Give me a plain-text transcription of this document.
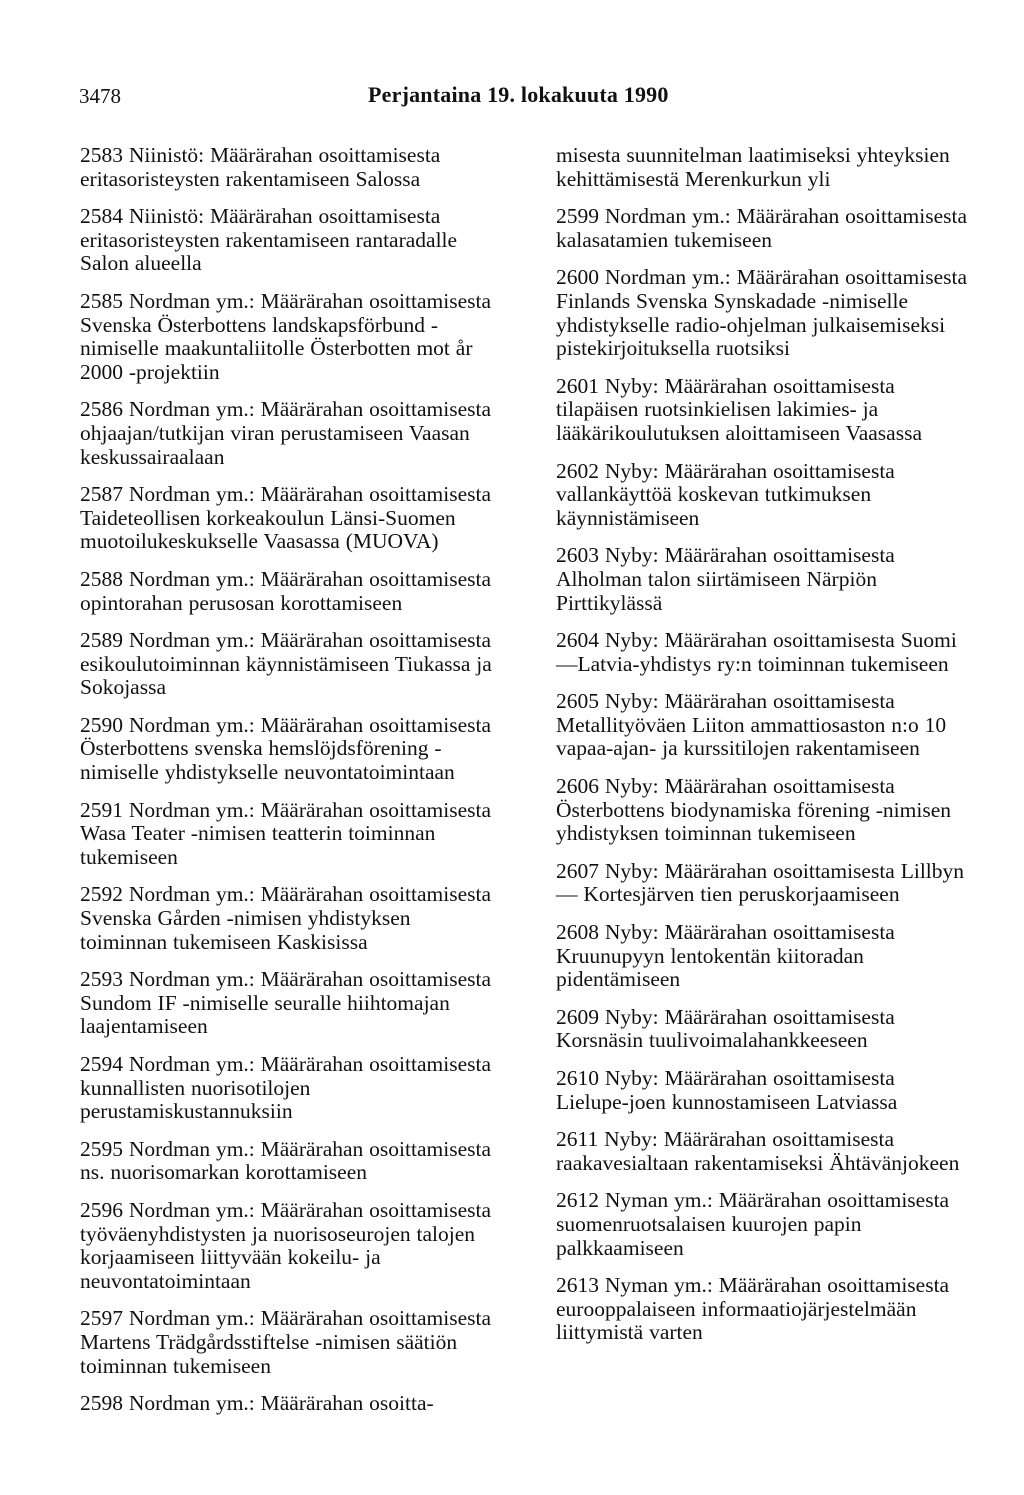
3478	Perjantaina 19. lokakuuta 1990

2583 Niinistö: Määrärahan osoittamisesta eritasoristeysten rakentamiseen Salossa

2584 Niinistö: Määrärahan osoittamisesta eritasoristeysten rakentamiseen rantaradalle Salon alueella

2585 Nordman ym.: Määrärahan osoittamisesta Svenska Österbottens landskapsförbund -nimiselle maakuntaliitolle Österbotten mot år 2000 -projektiin

2586 Nordman ym.: Määrärahan osoittamisesta ohjaajan/tutkijan viran perustamiseen Vaasan keskussairaalaan

2587 Nordman ym.: Määrärahan osoittamisesta Taideteollisen korkeakoulun Länsi-Suomen muotoilukeskukselle Vaasassa (MUOVA)

2588 Nordman ym.: Määrärahan osoittamisesta opintorahan perusosan korottamiseen

2589 Nordman ym.: Määrärahan osoittamisesta esikoulutoiminnan käynnistämiseen Tiukassa ja Sokojassa

2590 Nordman ym.: Määrärahan osoittamisesta Österbottens svenska hemslöjdsförening -nimiselle yhdistykselle neuvontatoimintaan

2591 Nordman ym.: Määrärahan osoittamisesta Wasa Teater -nimisen teatterin toiminnan tukemiseen

2592 Nordman ym.: Määrärahan osoittamisesta Svenska Gården -nimisen yhdistyksen toiminnan tukemiseen Kaskisissa

2593 Nordman ym.: Määrärahan osoittamisesta Sundom IF -nimiselle seuralle hiihtomajan laajentamiseen

2594 Nordman ym.: Määrärahan osoittamisesta kunnallisten nuorisotilojen perustamiskustannuksiin

2595 Nordman ym.: Määrärahan osoittamisesta ns. nuorisomarkan korottamiseen

2596 Nordman ym.: Määrärahan osoittamisesta työväenyhdistysten ja nuorisoseurojen talojen korjaamiseen liittyvään kokeilu- ja neuvontatoimintaan

2597 Nordman ym.: Määrärahan osoittamisesta Martens Trädgårdsstiftelse -nimisen säätiön toiminnan tukemiseen

2598 Nordman ym.: Määrärahan osoitta-

misesta suunnitelman laatimiseksi yhteyksien kehittämisestä Merenkurkun yli

2599 Nordman ym.: Määrärahan osoittamisesta kalasatamien tukemiseen

2600 Nordman ym.: Määrärahan osoittamisesta Finlands Svenska Synskadade -nimiselle yhdistykselle radio-ohjelman julkaisemiseksi pistekirjoituksella ruotsiksi

2601 Nyby: Määrärahan osoittamisesta tilapäisen ruotsinkielisen lakimies- ja lääkärikoulutuksen aloittamiseen Vaasassa

2602 Nyby: Määrärahan osoittamisesta vallankäyttöä koskevan tutkimuksen käynnistämiseen

2603 Nyby: Määrärahan osoittamisesta Alholman talon siirtämiseen Närpiön Pirttikylässä

2604 Nyby: Määrärahan osoittamisesta Suomi—Latvia-yhdistys ry:n toiminnan tukemiseen

2605 Nyby: Määrärahan osoittamisesta Metallityöväen Liiton ammattiosaston n:o 10 vapaa-ajan- ja kurssitilojen rakentamiseen

2606 Nyby: Määrärahan osoittamisesta Österbottens biodynamiska förening -nimisen yhdistyksen toiminnan tukemiseen

2607 Nyby: Määrärahan osoittamisesta Lillbyn — Kortesjärven tien peruskorjaamiseen

2608 Nyby: Määrärahan osoittamisesta Kruunupyyn lentokentän kiitoradan pidentämiseen

2609 Nyby: Määrärahan osoittamisesta Korsnäsin tuulivoimalahankkeeseen

2610 Nyby: Määrärahan osoittamisesta Lielupe-joen kunnostamiseen Latviassa

2611 Nyby: Määrärahan osoittamisesta raakavesialtaan rakentamiseksi Ähtävänjokeen

2612 Nyman ym.: Määrärahan osoittamisesta suomenruotsalaisen kuurojen papin palkkaamiseen

2613 Nyman ym.: Määrärahan osoittamisesta eurooppalaiseen informaatiojärjestelmään liittymistä varten
